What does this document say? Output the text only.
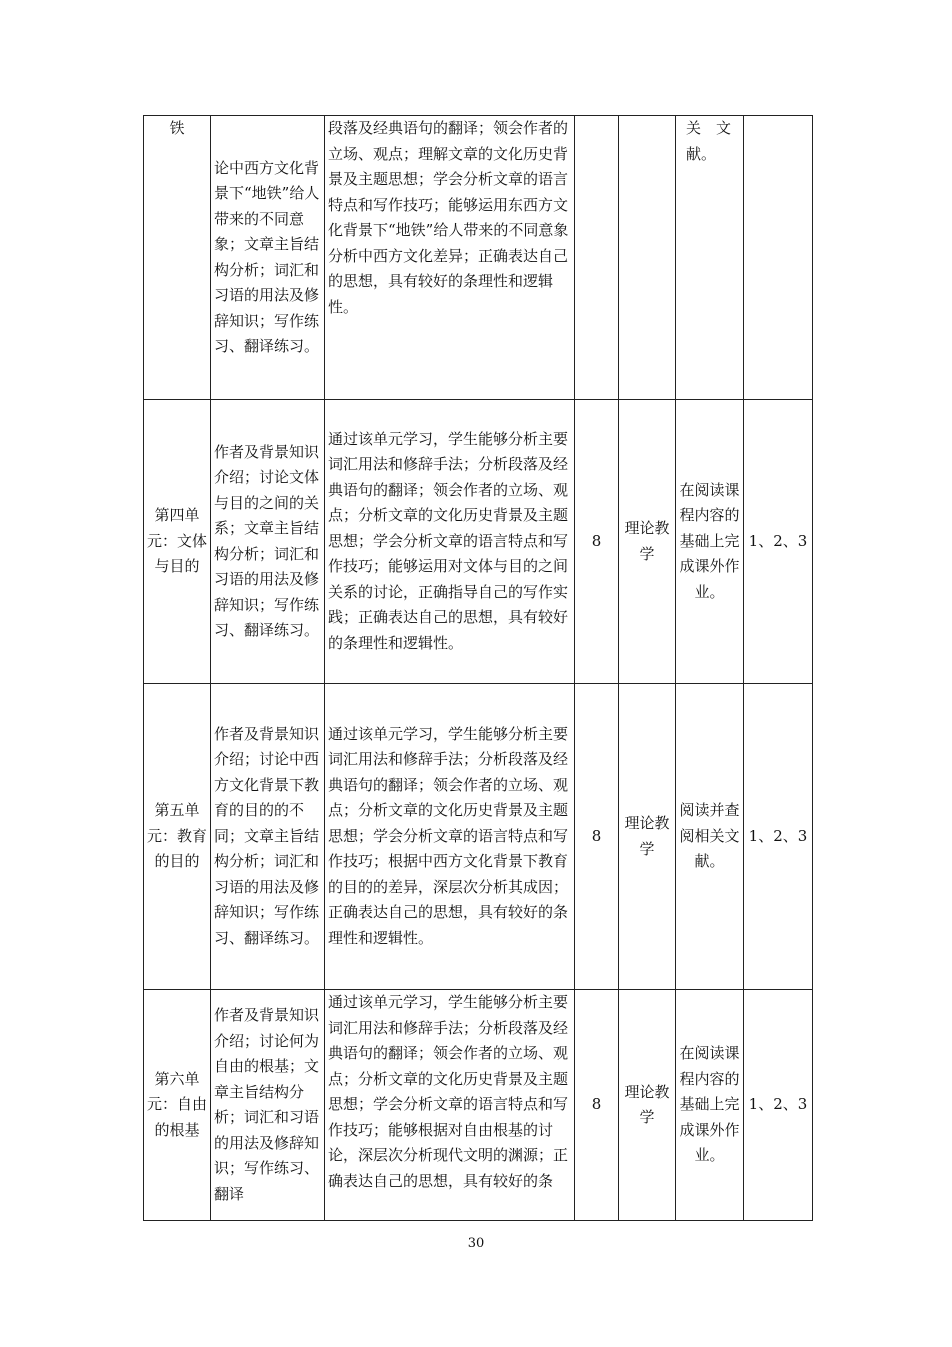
铁	论中西方文化背景下“地铁”给人带来的不同意象；文章主旨结构分析；词汇和习语的用法及修辞知识；写作练习、翻译练习。	段落及经典语句的翻译；领会作者的立场、观点；理解文章的文化历史背景及主题思想；学会分析文章的语言特点和写作技巧；能够运用东西方文化背景下“地铁”给人带来的不同意象分析中西方文化差异；正确表达自己的思想，具有较好的条理性和逻辑性。			关　文献。	
第四单元：文体与目的	作者及背景知识介绍；讨论文体与目的之间的关系；文章主旨结构分析；词汇和习语的用法及修辞知识；写作练习、翻译练习。	通过该单元学习，学生能够分析主要词汇用法和修辞手法；分析段落及经典语句的翻译；领会作者的立场、观点；分析文章的文化历史背景及主题思想；学会分析文章的语言特点和写作技巧；能够运用对文体与目的之间关系的讨论，正确指导自己的写作实践；正确表达自己的思想，具有较好的条理性和逻辑性。	8	理论教学	在阅读课程内容的基础上完成课外作业。	1、2、3
第五单元：教育的目的	作者及背景知识介绍；讨论中西方文化背景下教育的目的的不同；文章主旨结构分析；词汇和习语的用法及修辞知识；写作练习、翻译练习。	通过该单元学习，学生能够分析主要词汇用法和修辞手法；分析段落及经典语句的翻译；领会作者的立场、观点；分析文章的文化历史背景及主题思想；学会分析文章的语言特点和写作技巧；根据中西方文化背景下教育的目的的差异，深层次分析其成因；正确表达自己的思想，具有较好的条理性和逻辑性。	8	理论教学	阅读并查阅相关文献。	1、2、3
第六单元：自由的根基	作者及背景知识介绍；讨论何为自由的根基；文章主旨结构分析；词汇和习语的用法及修辞知识；写作练习、翻译	通过该单元学习，学生能够分析主要词汇用法和修辞手法；分析段落及经典语句的翻译；领会作者的立场、观点；分析文章的文化历史背景及主题思想；学会分析文章的语言特点和写作技巧；能够根据对自由根基的讨论，深层次分析现代文明的渊源；正确表达自己的思想，具有较好的条	8	理论教学	在阅读课程内容的基础上完成课外作业。	1、2、3
30
